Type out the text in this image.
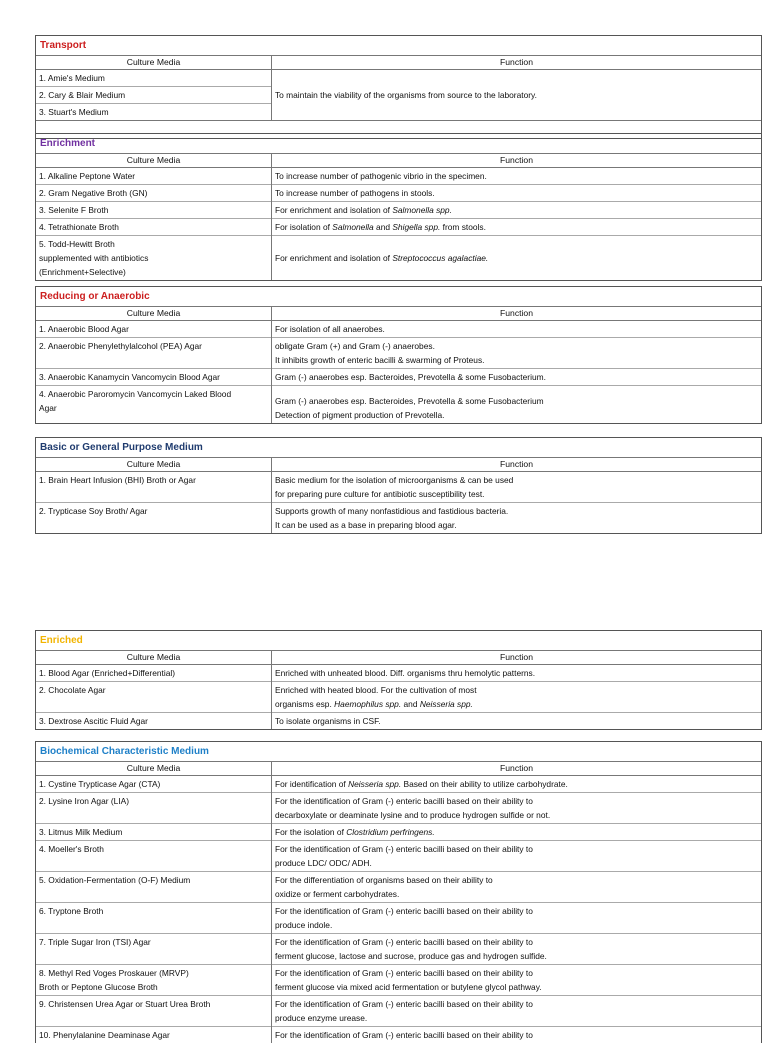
Transport
Culture Media	Function
1. Amie's Medium	To maintain the viability of the organisms from source to the laboratory.
2. Cary & Blair Medium	
3. Stuart's Medium	
Enrichment
Culture Media	Function
1. Alkaline Peptone Water	To increase number of pathogenic vibrio in the specimen.
2. Gram Negative Broth (GN)	To increase number of pathogens in stools.
3. Selenite F Broth	For enrichment and isolation of Salmonella spp.
4. Tetrathionate Broth	For isolation of Salmonella and Shigella spp. from stools.

5. Todd-Hewitt Broth
supplemented with antibiotics
(Enrichment+Selective)	For enrichment and isolation of Streptococcus agalactiae.
Reducing or Anaerobic
Culture Media	Function
1. Anaerobic Blood Agar	For isolation of all anaerobes.
2. Anaerobic Phenylethylalcohol (PEA) Agar	obligate Gram (+) and Gram (-) anaerobes.
It inhibits growth of enteric bacilli & swarming of Proteus.

3. Anaerobic Kanamycin Vancomycin Blood Agar	Gram (-) anaerobes esp. Bacteroides, Prevotella & some Fusobacterium.

4. Anaerobic Paroromycin Vancomycin Laked Blood
Agar	Gram (-) anaerobes esp. Bacteroides, Prevotella & some Fusobacterium
Detection of pigment production of Prevotella.
Basic or General Purpose Medium
Culture Media	Function
1. Brain Heart Infusion (BHI) Broth or Agar	Basic medium for the isolation of microorganisms & can be used
for preparing pure culture for antibiotic susceptibility test.

2. Trypticase Soy Broth/ Agar	Supports growth of many nonfastidious and fastidious bacteria.
It can be used as a base in preparing blood agar.
Enriched
Culture Media	Function
1. Blood Agar (Enriched+Differential)	Enriched with unheated blood. Diff. organisms thru hemolytic patterns.
2. Chocolate Agar	Enriched with heated blood. For the cultivation of most
organisms esp. Haemophilus spp. and Neisseria spp.

3. Dextrose Ascitic Fluid Agar	To isolate organisms in CSF.
Biochemical Characteristic Medium
Culture Media	Function
1. Cystine Trypticase Agar (CTA)	For identification of Neisseria spp. Based on their ability to utilize carbohydrate.
2. Lysine Iron Agar (LIA)	For the identification of Gram (-) enteric bacilli based on their ability to
decarboxylate or deaminate lysine and to produce hydrogen sulfide or not.

3. Litmus Milk Medium	For the isolation of Clostridium perfringens.
4. Moeller's Broth	For the identification of Gram (-) enteric bacilli based on their ability to
produce LDC/ ODC/ ADH.

5. Oxidation-Fermentation (O-F) Medium	For the differentiation of organisms based on their ability to
oxidize or ferment carbohydrates.

6. Tryptone Broth	For the identification of Gram (-) enteric bacilli based on their ability to
produce indole.

7. Triple Sugar Iron (TSI) Agar	For the identification of Gram (-) enteric bacilli based on their ability to
ferment glucose, lactose and sucrose, produce gas and hydrogen sulfide.

8. Methyl Red Voges Proskauer (MRVP)
Broth or Peptone Glucose Broth	For the identification of Gram (-) enteric bacilli based on their ability to
ferment glucose via mixed acid fermentation or butylene glycol pathway.

9. Christensen Urea Agar or Stuart Urea Broth	For the identification of Gram (-) enteric bacilli based on their ability to
produce enzyme urease.

10. Phenylalanine Deaminase Agar	For the identification of Gram (-) enteric bacilli based on their ability to
